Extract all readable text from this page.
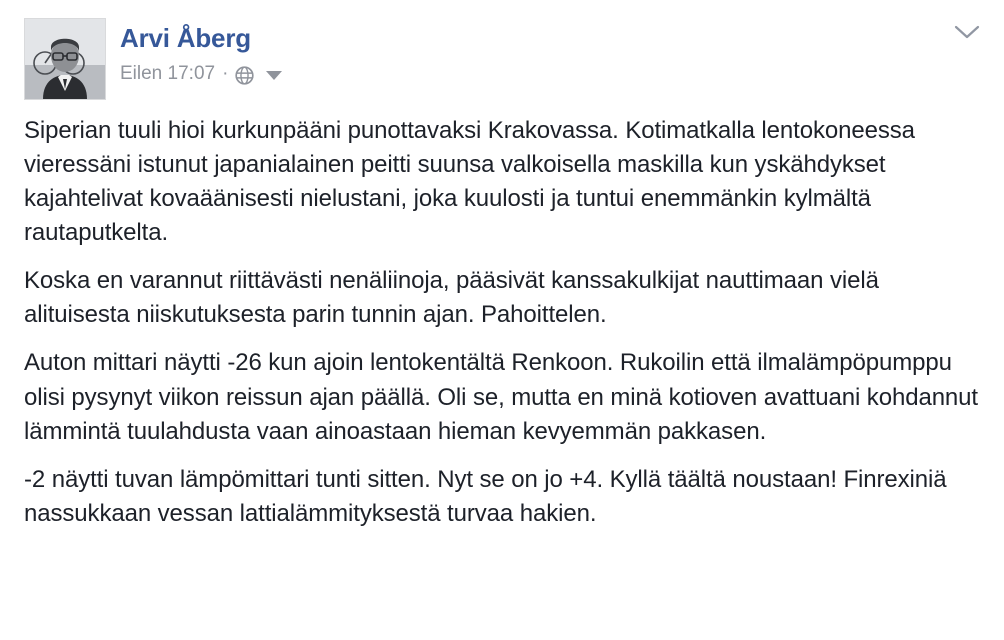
Arvi Åberg
Eilen 17:07 ·

Siperian tuuli hioi kurkunpääni punottavaksi Krakovassa. Kotimatkalla lentokoneessa vieressäni istunut japanialainen peitti suunsa valkoisella maskilla kun yskähdykset kajahtelivat kovaäänisesti nielustani, joka kuulosti ja tuntui enemmänkin kylmältä rautaputkelta.

Koska en varannut riittävästi nenäliinoja, pääsivät kanssakulkijat nauttimaan vielä alituisesta niiskutuksesta parin tunnin ajan. Pahoittelen.

Auton mittari näytti -26 kun ajoin lentokentältä Renkoon. Rukoilin että ilmalämpöpumppu olisi pysynyt viikon reissun ajan päällä. Oli se, mutta en minä kotioven avattuani kohdannut lämmintä tuulahdusta vaan ainoastaan hieman kevyemmän pakkasen.

-2 näytti tuvan lämpömittari tunti sitten. Nyt se on jo +4. Kyllä täältä noustaan! Finrexiniä nassukkaan vessan lattialämmityksestä turvaa hakien.
